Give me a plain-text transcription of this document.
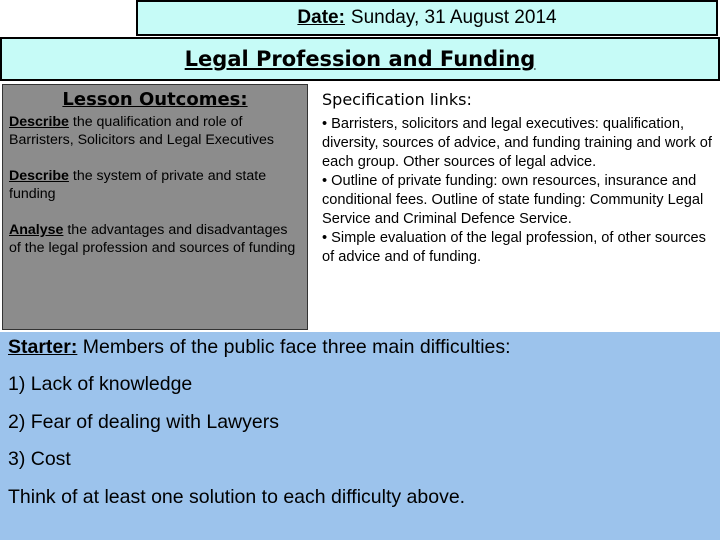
Date: Sunday, 31 August 2014
Legal Profession and Funding
Lesson Outcomes:

Describe the qualification and role of Barristers, Solicitors and Legal Executives

Describe the system of private and state funding

Analyse the advantages and disadvantages of the legal profession and sources of funding

Specification links:

• Barristers, solicitors and legal executives: qualification, diversity, sources of advice, and funding training and work of each group. Other sources of legal advice.

• Outline of private funding: own resources, insurance and conditional fees. Outline of state funding: Community Legal Service and Criminal Defence Service.

• Simple evaluation of the legal profession, of other sources of advice and of funding.

Starter: Members of the public face three main difficulties:

1) Lack of knowledge

2) Fear of dealing with Lawyers

3) Cost

Think of at least one solution to each difficulty above.
